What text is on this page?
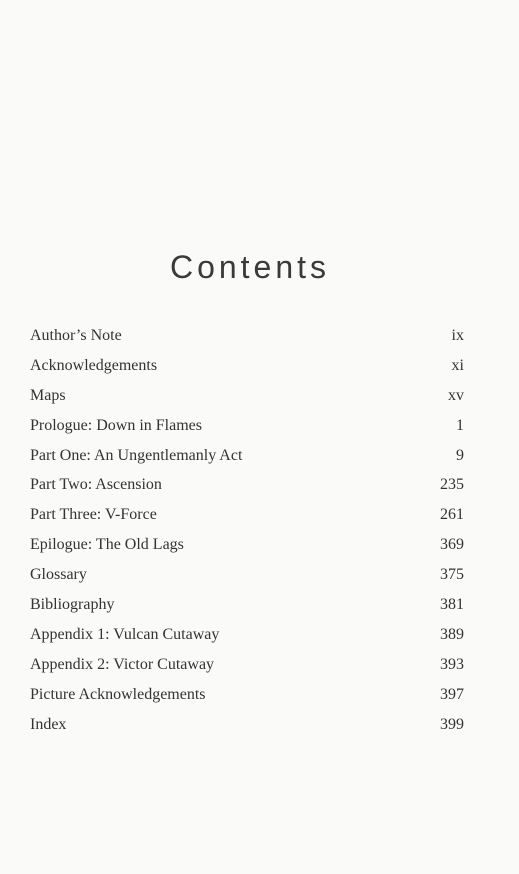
Contents
Author’s Note	ix
Acknowledgements	xi
Maps	xv
Prologue: Down in Flames	1
Part One: An Ungentlemanly Act	9
Part Two: Ascension	235
Part Three: V-Force	261
Epilogue: The Old Lags	369
Glossary	375
Bibliography	381
Appendix 1: Vulcan Cutaway	389
Appendix 2: Victor Cutaway	393
Picture Acknowledgements	397
Index	399
